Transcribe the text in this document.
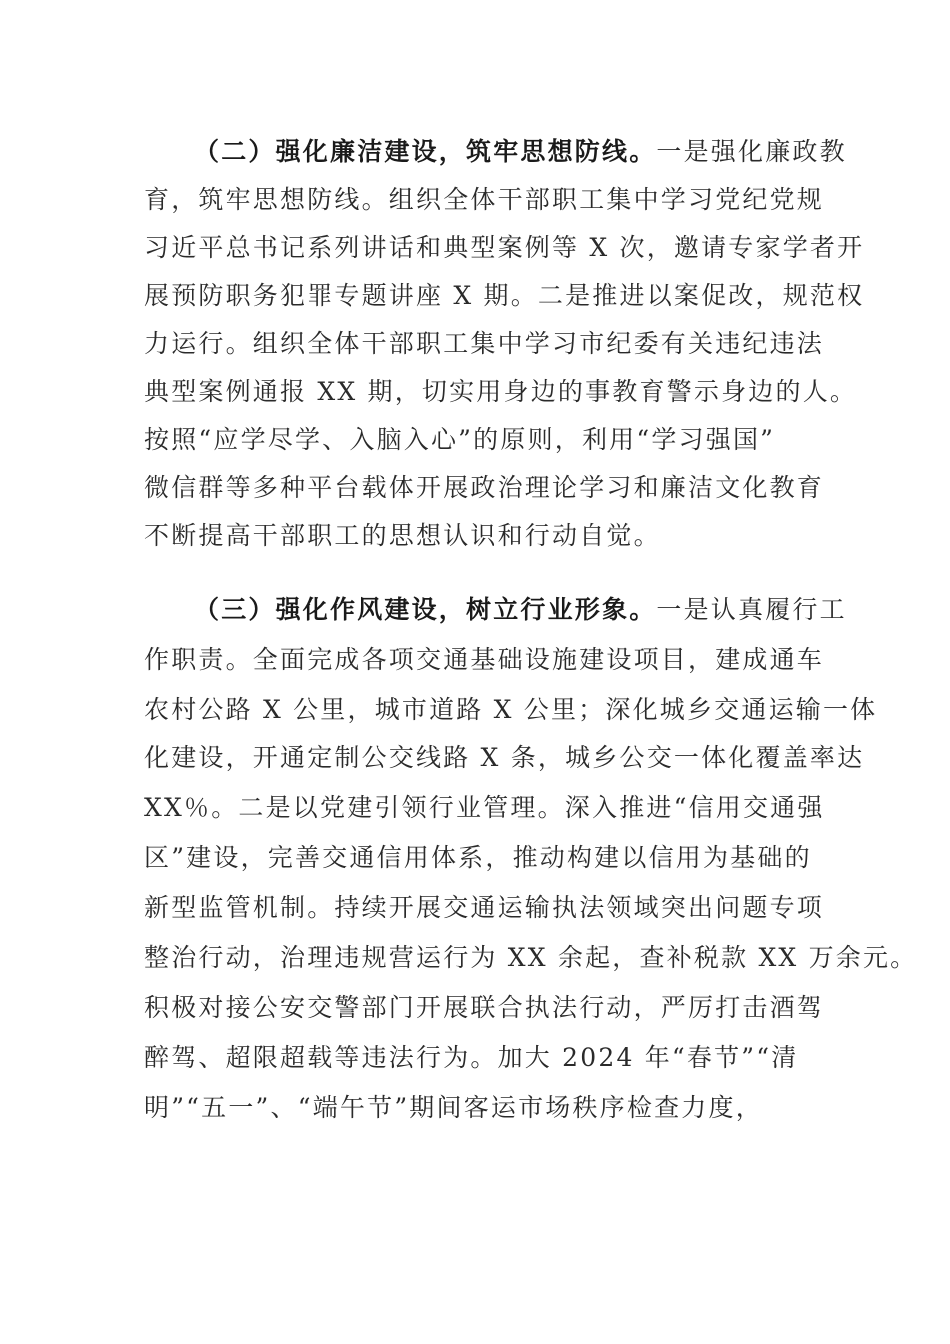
（二）强化廉洁建设，筑牢思想防线。一是强化廉政教
育，筑牢思想防线。组织全体干部职工集中学习党纪党规
习近平总书记系列讲话和典型案例等 X 次，邀请专家学者开
展预防职务犯罪专题讲座 X 期。二是推进以案促改，规范权
力运行。组织全体干部职工集中学习市纪委有关违纪违法
典型案例通报 XX 期，切实用身边的事教育警示身边的人。
按照“应学尽学、入脑入心”的原则，利用“学习强国”
微信群等多种平台载体开展政治理论学习和廉洁文化教育
不断提高干部职工的思想认识和行动自觉。
（三）强化作风建设，树立行业形象。一是认真履行工
作职责。全面完成各项交通基础设施建设项目，建成通车
农村公路 X 公里，城市道路 X 公里；深化城乡交通运输一体
化建设，开通定制公交线路 X 条，城乡公交一体化覆盖率达
XX％。二是以党建引领行业管理。深入推进“信用交通强
区”建设，完善交通信用体系，推动构建以信用为基础的
新型监管机制。持续开展交通运输执法领域突出问题专项
整治行动，治理违规营运行为 XX 余起，查补税款 XX 万余元。
积极对接公安交警部门开展联合执法行动，严厉打击酒驾
醉驾、超限超载等违法行为。加大 2024 年“春节”“清
明”“五一”、“端午节”期间客运市场秩序检查力度，
